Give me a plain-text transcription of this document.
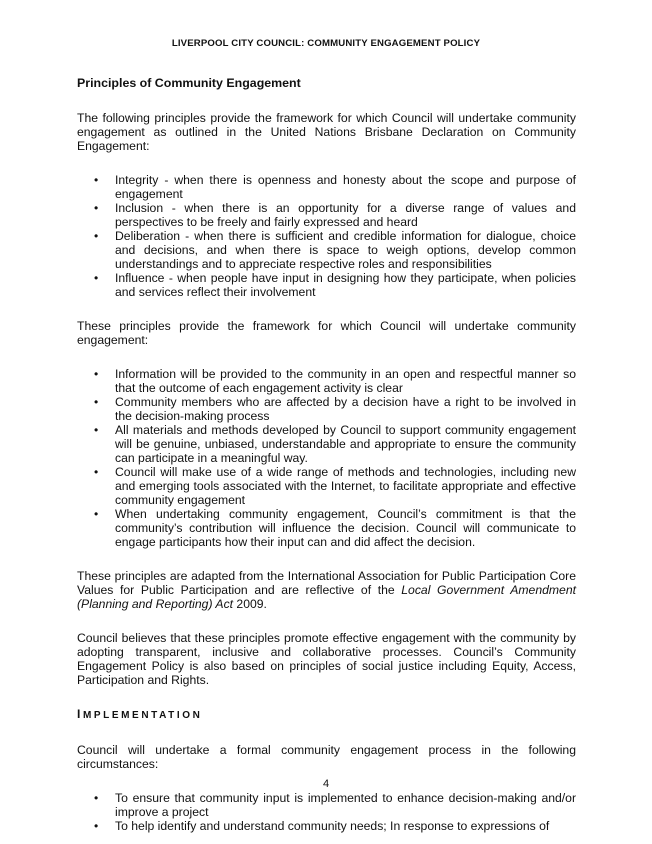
LIVERPOOL CITY COUNCIL: COMMUNITY ENGAGEMENT POLICY
Principles of Community Engagement

The following principles provide the framework for which Council will undertake community engagement as outlined in the United Nations Brisbane Declaration on Community Engagement:

• Integrity - when there is openness and honesty about the scope and purpose of engagement
• Inclusion - when there is an opportunity for a diverse range of values and perspectives to be freely and fairly expressed and heard
• Deliberation - when there is sufficient and credible information for dialogue, choice and decisions, and when there is space to weigh options, develop common understandings and to appreciate respective roles and responsibilities
• Influence - when people have input in designing how they participate, when policies and services reflect their involvement

These principles provide the framework for which Council will undertake community engagement:

• Information will be provided to the community in an open and respectful manner so that the outcome of each engagement activity is clear
• Community members who are affected by a decision have a right to be involved in the decision-making process
• All materials and methods developed by Council to support community engagement will be genuine, unbiased, understandable and appropriate to ensure the community can participate in a meaningful way.
• Council will make use of a wide range of methods and technologies, including new and emerging tools associated with the Internet, to facilitate appropriate and effective community engagement
• When undertaking community engagement, Council’s commitment is that the community’s contribution will influence the decision. Council will communicate to engage participants how their input can and did affect the decision.

These principles are adapted from the International Association for Public Participation Core Values for Public Participation and are reflective of the Local Government Amendment (Planning and Reporting) Act 2009.

Council believes that these principles promote effective engagement with the community by adopting transparent, inclusive and collaborative processes. Council’s Community Engagement Policy is also based on principles of social justice including Equity, Access, Participation and Rights.

IMPLEMENTATION

Council will undertake a formal community engagement process in the following circumstances:

• To ensure that community input is implemented to enhance decision-making and/or improve a project
• To help identify and understand community needs; In response to expressions of
4
